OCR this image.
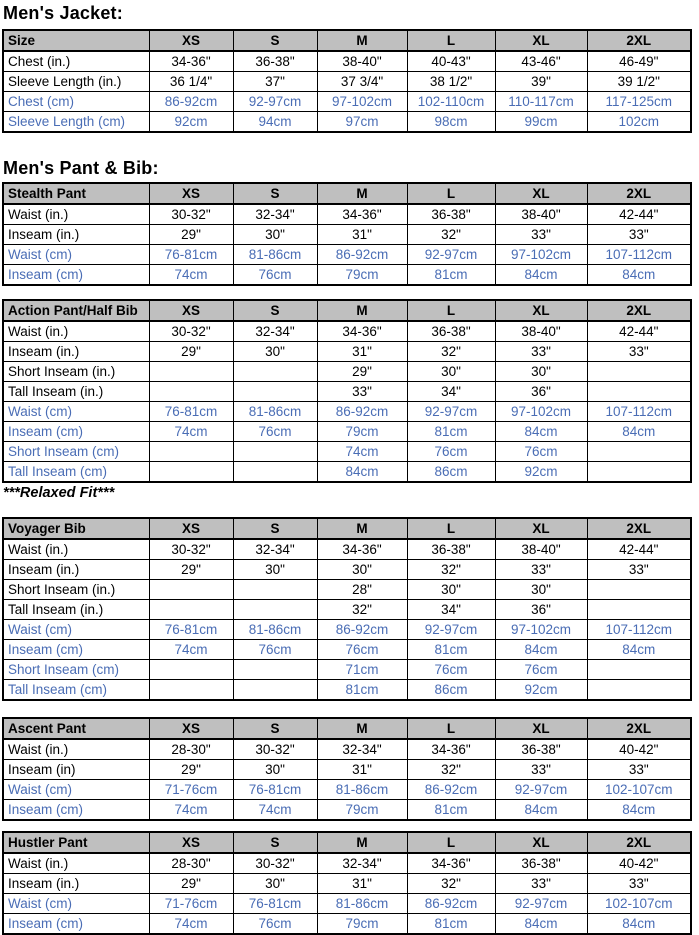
Men's Jacket:
Size	XS	S	M	L	XL	2XL
Chest (in.)	34-36"	36-38"	38-40"	40-43"	43-46"	46-49"
Sleeve Length (in.)	36 1/4"	37"	37 3/4"	38 1/2"	39"	39 1/2"
Chest (cm)	86-92cm	92-97cm	97-102cm	102-110cm	110-117cm	117-125cm
Sleeve Length (cm)	92cm	94cm	97cm	98cm	99cm	102cm
Men's Pant & Bib:
Stealth Pant	XS	S	M	L	XL	2XL
Waist (in.)	30-32"	32-34"	34-36"	36-38"	38-40"	42-44"
Inseam (in.)	29"	30"	31"	32"	33"	33"
Waist (cm)	76-81cm	81-86cm	86-92cm	92-97cm	97-102cm	107-112cm
Inseam (cm)	74cm	76cm	79cm	81cm	84cm	84cm
Action Pant/Half Bib	XS	S	M	L	XL	2XL
Waist (in.)	30-32"	32-34"	34-36"	36-38"	38-40"	42-44"
Inseam (in.)	29"	30"	31"	32"	33"	33"
Short Inseam (in.)			29"	30"	30"	
Tall Inseam (in.)			33"	34"	36"	
Waist (cm)	76-81cm	81-86cm	86-92cm	92-97cm	97-102cm	107-112cm
Inseam (cm)	74cm	76cm	79cm	81cm	84cm	84cm
Short Inseam (cm)			74cm	76cm	76cm	
Tall Inseam (cm)			84cm	86cm	92cm	
***Relaxed Fit***
Voyager Bib	XS	S	M	L	XL	2XL
Waist (in.)	30-32"	32-34"	34-36"	36-38"	38-40"	42-44"
Inseam (in.)	29"	30"	30"	32"	33"	33"
Short Inseam (in.)			28"	30"	30"	
Tall Inseam (in.)			32"	34"	36"	
Waist (cm)	76-81cm	81-86cm	86-92cm	92-97cm	97-102cm	107-112cm
Inseam (cm)	74cm	76cm	76cm	81cm	84cm	84cm
Short Inseam (cm)			71cm	76cm	76cm	
Tall Inseam (cm)			81cm	86cm	92cm	
Ascent Pant	XS	S	M	L	XL	2XL
Waist (in.)	28-30"	30-32"	32-34"	34-36"	36-38"	40-42"
Inseam (in)	29"	30"	31"	32"	33"	33"
Waist (cm)	71-76cm	76-81cm	81-86cm	86-92cm	92-97cm	102-107cm
Inseam (cm)	74cm	74cm	79cm	81cm	84cm	84cm
Hustler Pant	XS	S	M	L	XL	2XL
Waist (in.)	28-30"	30-32"	32-34"	34-36"	36-38"	40-42"
Inseam (in.)	29"	30"	31"	32"	33"	33"
Waist (cm)	71-76cm	76-81cm	81-86cm	86-92cm	92-97cm	102-107cm
Inseam (cm)	74cm	76cm	79cm	81cm	84cm	84cm
